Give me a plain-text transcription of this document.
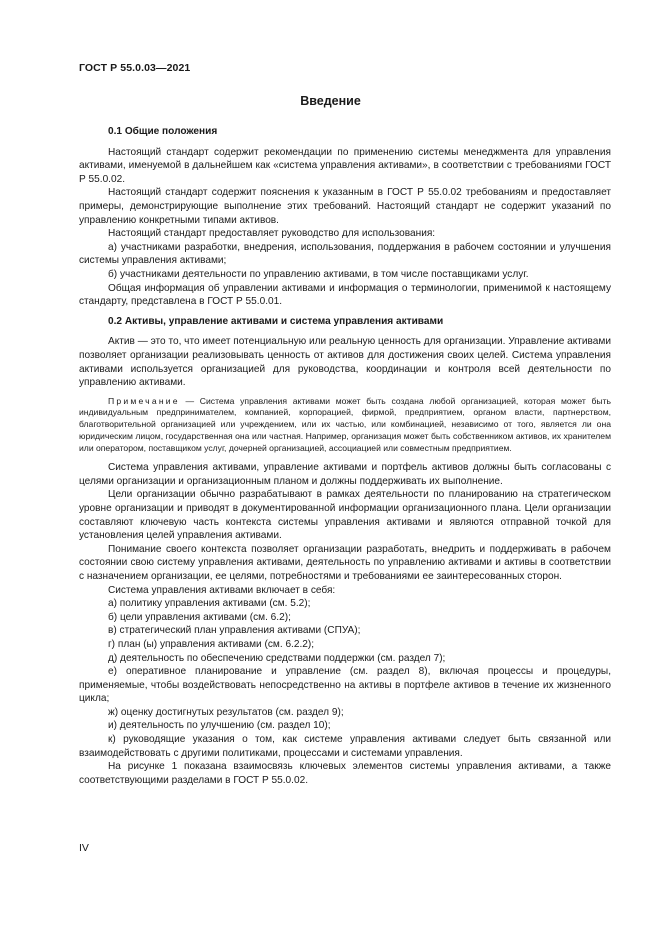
ГОСТ Р 55.0.03—2021
Введение
0.1 Общие положения

Настоящий стандарт содержит рекомендации по применению системы менеджмента для управления активами, именуемой в дальнейшем как «система управления активами», в соответствии с требованиями ГОСТ Р 55.0.02.

Настоящий стандарт содержит пояснения к указанным в ГОСТ Р 55.0.02 требованиям и предоставляет примеры, демонстрирующие выполнение этих требований. Настоящий стандарт не содержит указаний по управлению конкретными типами активов.

Настоящий стандарт предоставляет руководство для использования:

а) участниками разработки, внедрения, использования, поддержания в рабочем состоянии и улучшения системы управления активами;

б) участниками деятельности по управлению активами, в том числе поставщиками услуг.

Общая информация об управлении активами и информация о терминологии, применимой к настоящему стандарту, представлена в ГОСТ Р 55.0.01.

0.2 Активы, управление активами и система управления активами

Актив — это то, что имеет потенциальную или реальную ценность для организации. Управление активами позволяет организации реализовывать ценность от активов для достижения своих целей. Система управления активами используется организацией для руководства, координации и контроля всей деятельности по управлению активами.

Примечание — Система управления активами может быть создана любой организацией, которая может быть индивидуальным предпринимателем, компанией, корпорацией, фирмой, предприятием, органом власти, партнерством, благотворительной организацией или учреждением, или их частью, или комбинацией, независимо от того, является ли она юридическим лицом, государственная она или частная. Например, организация может быть собственником активов, их хранителем или оператором, поставщиком услуг, дочерней организацией, ассоциацией или совместным предприятием.

Система управления активами, управление активами и портфель активов должны быть согласованы с целями организации и организационным планом и должны поддерживать их выполнение.

Цели организации обычно разрабатывают в рамках деятельности по планированию на стратегическом уровне организации и приводят в документированной информации организационного плана. Цели организации составляют ключевую часть контекста системы управления активами и являются отправной точкой для установления целей управления активами.

Понимание своего контекста позволяет организации разработать, внедрить и поддерживать в рабочем состоянии свою систему управления активами, деятельность по управлению активами и активы в соответствии с назначением организации, ее целями, потребностями и требованиями ее заинтересованных сторон.

Система управления активами включает в себя:

а) политику управления активами (см. 5.2);

б) цели управления активами (см. 6.2);

в) стратегический план управления активами (СПУА);

г) план (ы) управления активами (см. 6.2.2);

д) деятельность по обеспечению средствами поддержки (см. раздел 7);

е) оперативное планирование и управление (см. раздел 8), включая процессы и процедуры, применяемые, чтобы воздействовать непосредственно на активы в портфеле активов в течение их жизненного цикла;

ж) оценку достигнутых результатов (см. раздел 9);

и) деятельность по улучшению (см. раздел 10);

к) руководящие указания о том, как системе управления активами следует быть связанной или взаимодействовать с другими политиками, процессами и системами управления.

На рисунке 1 показана взаимосвязь ключевых элементов системы управления активами, а также соответствующими разделами в ГОСТ Р 55.0.02.

IV
